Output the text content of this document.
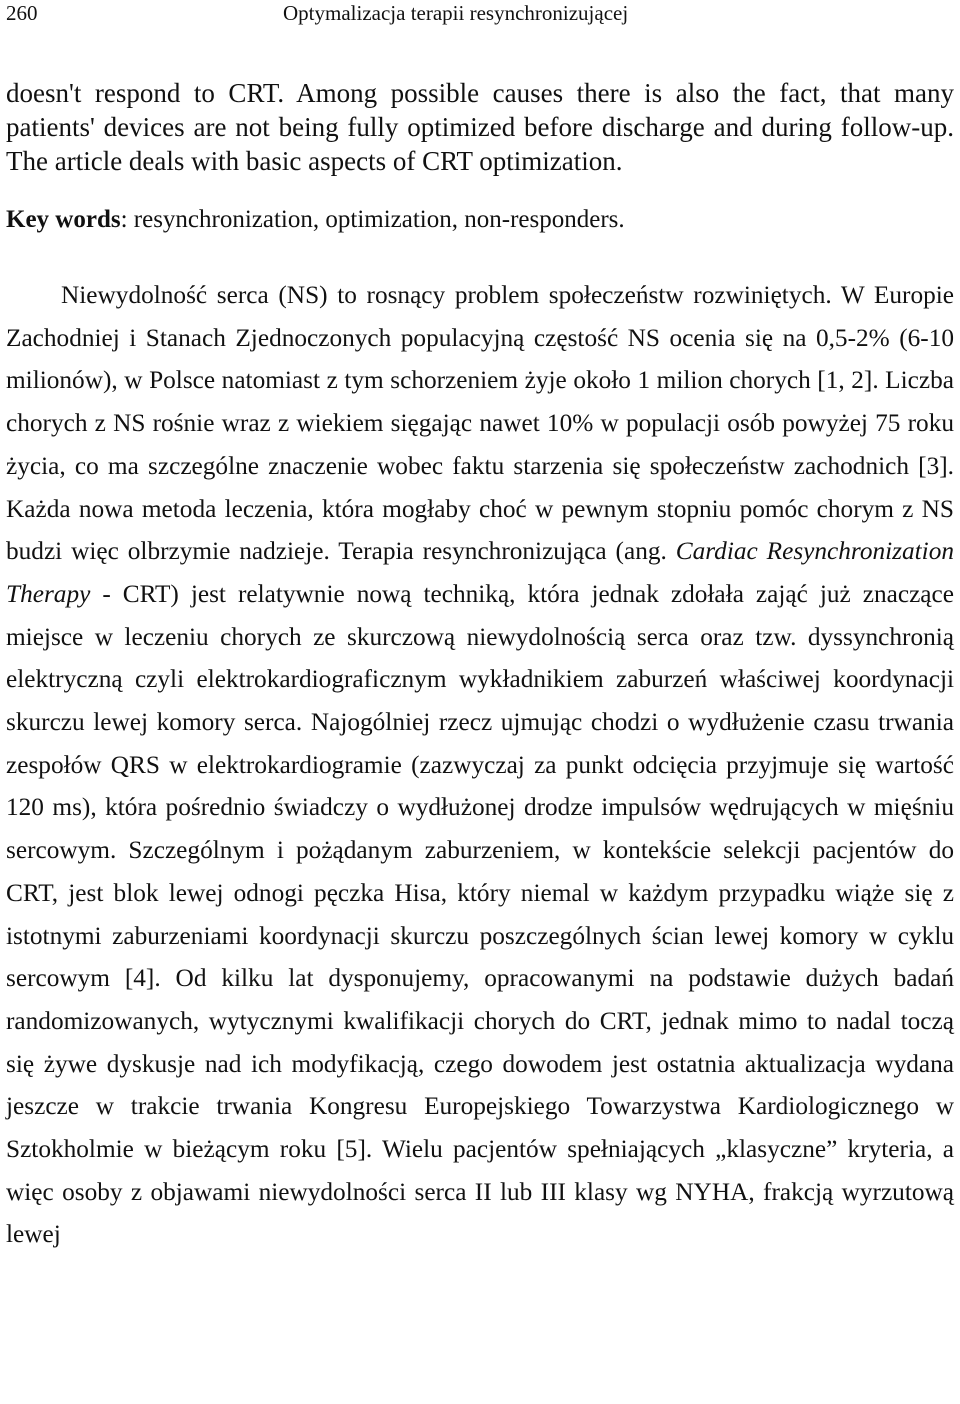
260	Optymalizacja terapii resynchronizującej

doesn't respond to CRT. Among possible causes there is also the fact, that many patients' devices are not being fully optimized before discharge and during follow-up. The article deals with basic aspects of CRT optimization.

Key words: resynchronization, optimization, non-responders.

Niewydolność serca (NS) to rosnący problem społeczeństw rozwiniętych. W Europie Zachodniej i Stanach Zjednoczonych populacyjną częstość NS ocenia się na 0,5-2% (6-10 milionów), w Polsce natomiast z tym schorzeniem żyje około 1 milion chorych [1, 2]. Liczba chorych z NS rośnie wraz z wiekiem sięgając nawet 10% w populacji osób powyżej 75 roku życia, co ma szczególne znaczenie wobec faktu starzenia się społeczeństw zachodnich [3]. Każda nowa metoda leczenia, która mogłaby choć w pewnym stopniu pomóc chorym z NS budzi więc olbrzymie nadzieje. Terapia resynchronizująca (ang. Cardiac Resynchronization Therapy - CRT) jest relatywnie nową techniką, która jednak zdołała zająć już znaczące miejsce w leczeniu chorych ze skurczową niewydolnością serca oraz tzw. dyssynchronią elektryczną czyli elektrokardiograficznym wykładnikiem zaburzeń właściwej koordynacji skurczu lewej komory serca. Najogólniej rzecz ujmując chodzi o wydłużenie czasu trwania zespołów QRS w elektrokardiogramie (zazwyczaj za punkt odcięcia przyjmuje się wartość 120 ms), która pośrednio świadczy o wydłużonej drodze impulsów wędrujących w mięśniu sercowym. Szczególnym i pożądanym zaburzeniem, w kontekście selekcji pacjentów do CRT, jest blok lewej odnogi pęczka Hisa, który niemal w każdym przypadku wiąże się z istotnymi zaburzeniami koordynacji skurczu poszczególnych ścian lewej komory w cyklu sercowym [4]. Od kilku lat dysponujemy, opracowanymi na podstawie dużych badań randomizowanych, wytycznymi kwalifikacji chorych do CRT, jednak mimo to nadal toczą się żywe dyskusje nad ich modyfikacją, czego dowodem jest ostatnia aktualizacja wydana jeszcze w trakcie trwania Kongresu Europejskiego Towarzystwa Kardiologicznego w Sztokholmie w bieżącym roku [5]. Wielu pacjentów spełniających „klasyczne” kryteria, a więc osoby z objawami niewydolności serca II lub III klasy wg NYHA, frakcją wyrzutową lewej
